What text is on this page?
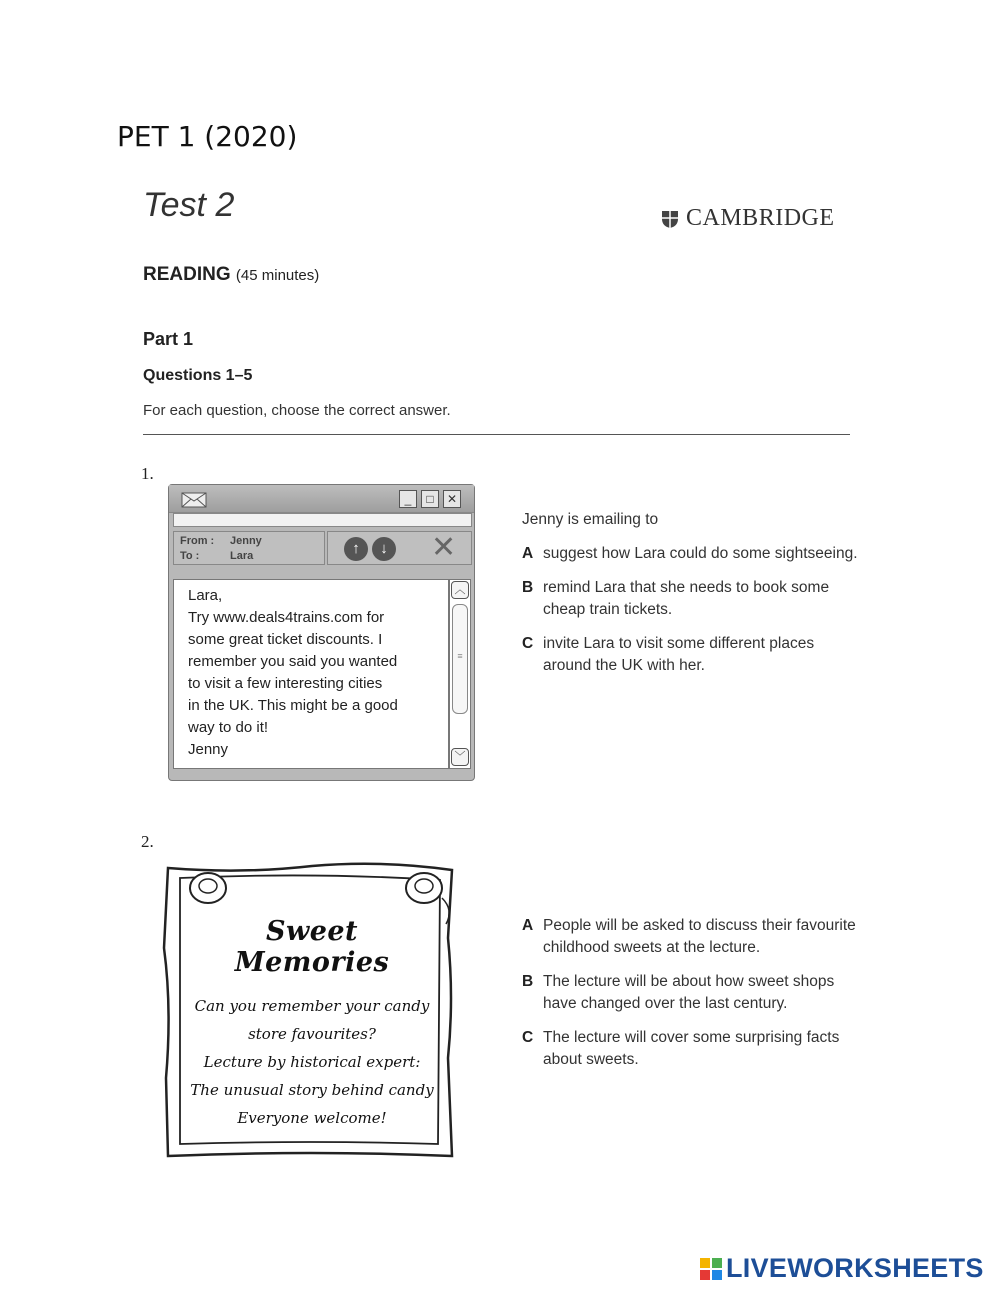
PET 1 (2020)
Test 2	CAMBRIDGE
READING (45 minutes)
Part 1
Questions 1–5
For each question, choose the correct answer.
1.
_	□	✕
From :	Jenny
To :	Lara	↑	↓ ✕

Lara,

Try www.deals4trains.com for

some great ticket discounts. I

remember you said you wanted

to visit a few interesting cities

in the UK. This might be a good

way to do it!

Jenny

︿
≡
﹀
Jenny is emailing to
A suggest how Lara could do some sightseeing.
B remind Lara that she needs to book some cheap train tickets.
C invite Lara to visit some different places around the UK with her.
2.
Sweet Memories
Can you remember your candy
store favourites?
Lecture by historical expert:
The unusual story behind candy
Everyone welcome!
A People will be asked to discuss their favourite childhood sweets at the lecture.
B The lecture will be about how sweet shops have changed over the last century.
C The lecture will cover some surprising facts about sweets.
LIVEWORKSHEETS
